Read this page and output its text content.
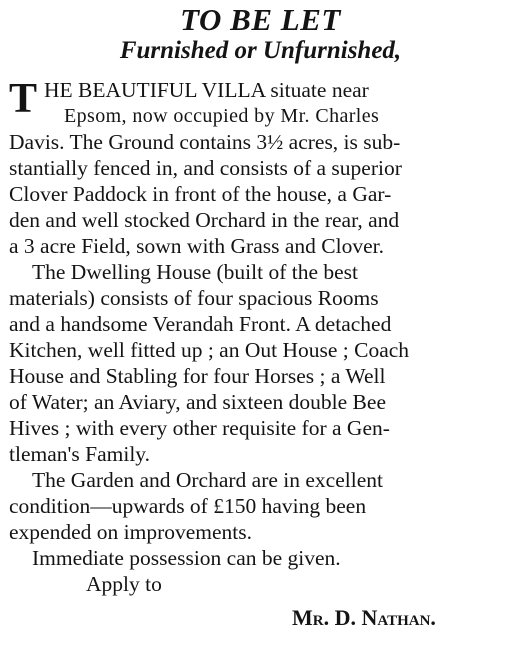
TO BE LET
Furnished or Unfurnished,
T HE BEAUTIFUL VILLA situate near
Epsom, now occupied by Mr. Charles
Davis. The Ground contains 3½ acres, is sub-
stantially fenced in, and consists of a superior
Clover Paddock in front of the house, a Gar-
den and well stocked Orchard in the rear, and
a 3 acre Field, sown with Grass and Clover.
The Dwelling House (built of the best
materials) consists of four spacious Rooms
and a handsome Verandah Front. A detached
Kitchen, well fitted up ; an Out House ; Coach
House and Stabling for four Horses ; a Well
of Water; an Aviary, and sixteen double Bee
Hives ; with every other requisite for a Gen-
tleman's Family.
The Garden and Orchard are in excellent
condition—upwards of £150 having been
expended on improvements.
Immediate possession can be given.
Apply to
Mr. D. Nathan.
